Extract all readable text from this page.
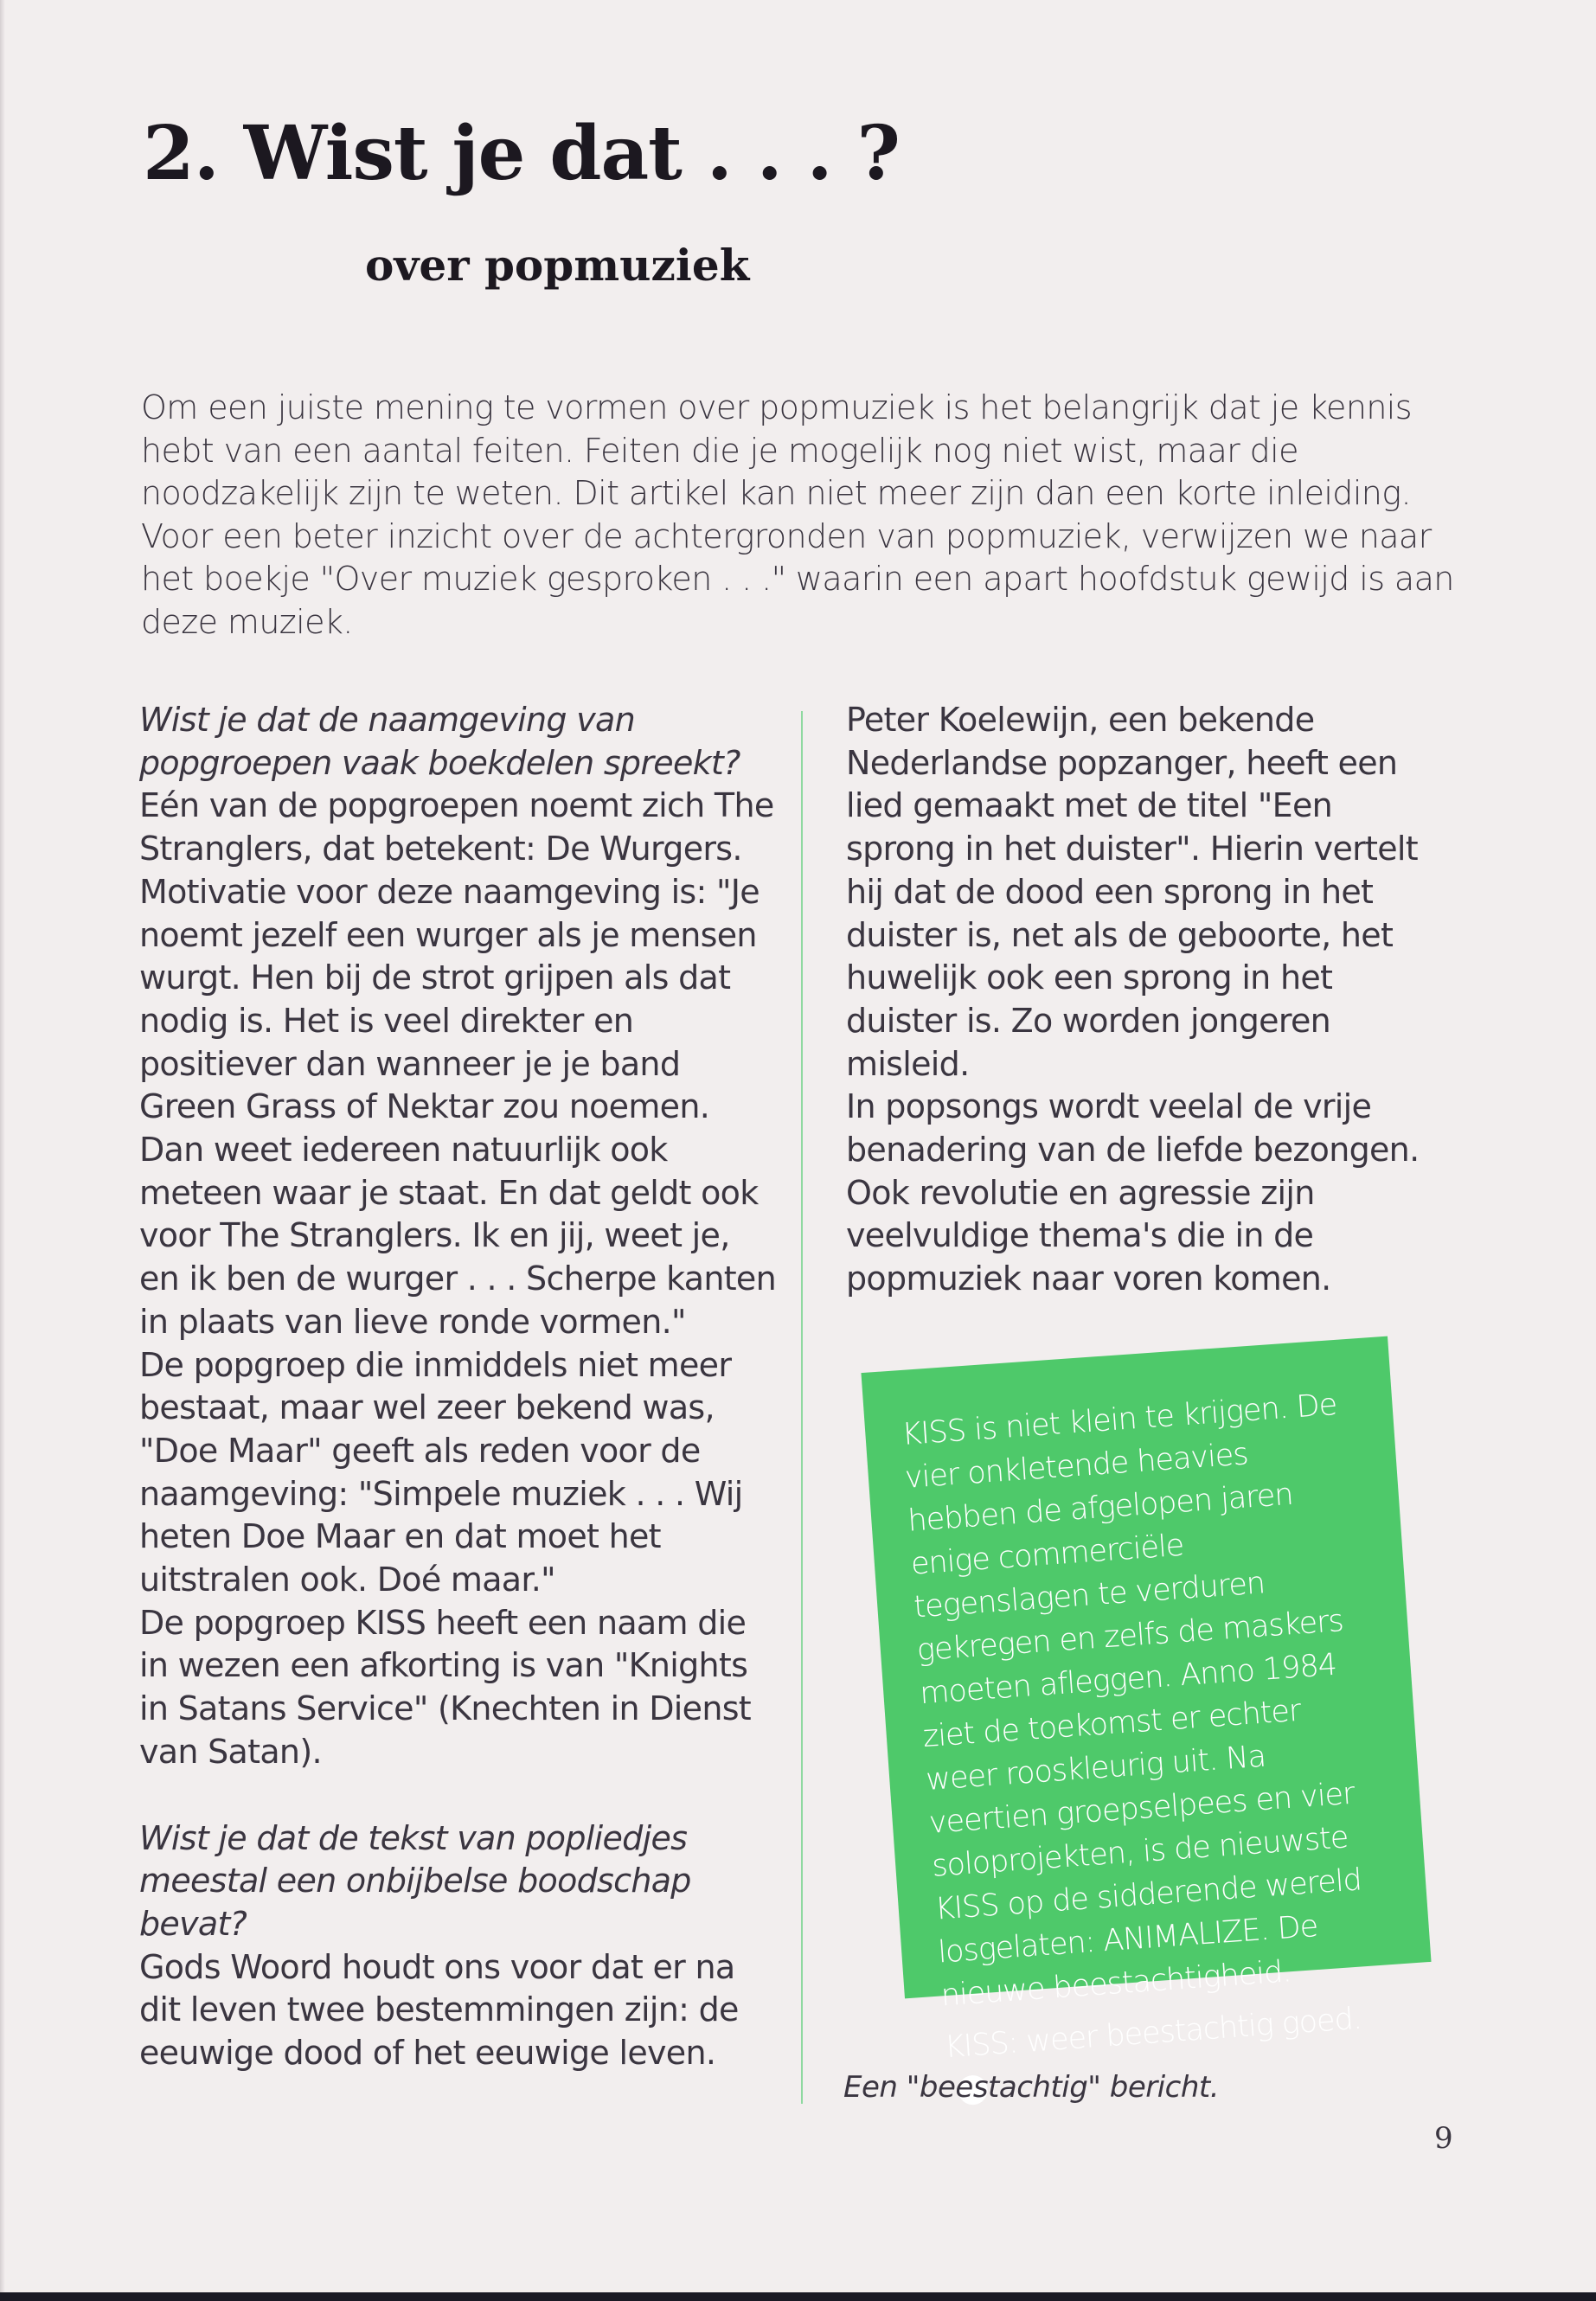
2. Wist je dat . . . ?
over popmuziek

Om een juiste mening te vormen over popmuziek is het belangrijk dat je kennis hebt van een aantal feiten. Feiten die je mogelijk nog niet wist, maar die noodzakelijk zijn te weten. Dit artikel kan niet meer zijn dan een korte inleiding. Voor een beter inzicht over de achtergronden van popmuziek, verwijzen we naar het boekje "Over muziek gesproken . . ." waarin een apart hoofdstuk gewijd is aan deze muziek.

Wist je dat de naamgeving van popgroepen vaak boekdelen spreekt?

Eén van de popgroepen noemt zich The Stranglers, dat betekent: De Wurgers. Motivatie voor deze naamgeving is: "Je noemt jezelf een wurger als je mensen wurgt. Hen bij de strot grijpen als dat nodig is. Het is veel direkter en positiever dan wanneer je je band Green Grass of Nektar zou noemen. Dan weet iedereen natuurlijk ook meteen waar je staat. En dat geldt ook voor The Stranglers. Ik en jij, weet je, en ik ben de wurger . . . Scherpe kanten in plaats van lieve ronde vormen."

De popgroep die inmiddels niet meer bestaat, maar wel zeer bekend was, "Doe Maar" geeft als reden voor de naamgeving: "Simpele muziek . . . Wij heten Doe Maar en dat moet het uitstralen ook. Doé maar."

De popgroep KISS heeft een naam die in wezen een afkorting is van "Knights in Satans Service" (Knechten in Dienst van Satan).

Wist je dat de tekst van popliedjes meestal een onbijbelse boodschap bevat?

Gods Woord houdt ons voor dat er na dit leven twee bestemmingen zijn: de eeuwige dood of het eeuwige leven.

Peter Koelewijn, een bekende Nederlandse popzanger, heeft een lied gemaakt met de titel "Een sprong in het duister". Hierin vertelt hij dat de dood een sprong in het duister is, net als de geboorte, het huwelijk ook een sprong in het duister is. Zo worden jongeren misleid.

In popsongs wordt veelal de vrije benadering van de liefde bezongen.

Ook revolutie en agressie zijn veelvuldige thema's die in de popmuziek naar voren komen.

KISS is niet klein te krijgen. De vier onkletende heavies hebben de afgelopen jaren enige commerciële tegenslagen te verduren gekregen en zelfs de maskers moeten afleggen. Anno 1984 ziet de toekomst er echter weer rooskleurig uit. Na veertien groepselpees en vier soloprojekten, is de nieuwste KISS op de sidderende wereld losgelaten: ANIMALIZE. De nieuwe beestachtigheid.

KISS: weer beestachtig goed.

Een "beestachtig" bericht.

9
